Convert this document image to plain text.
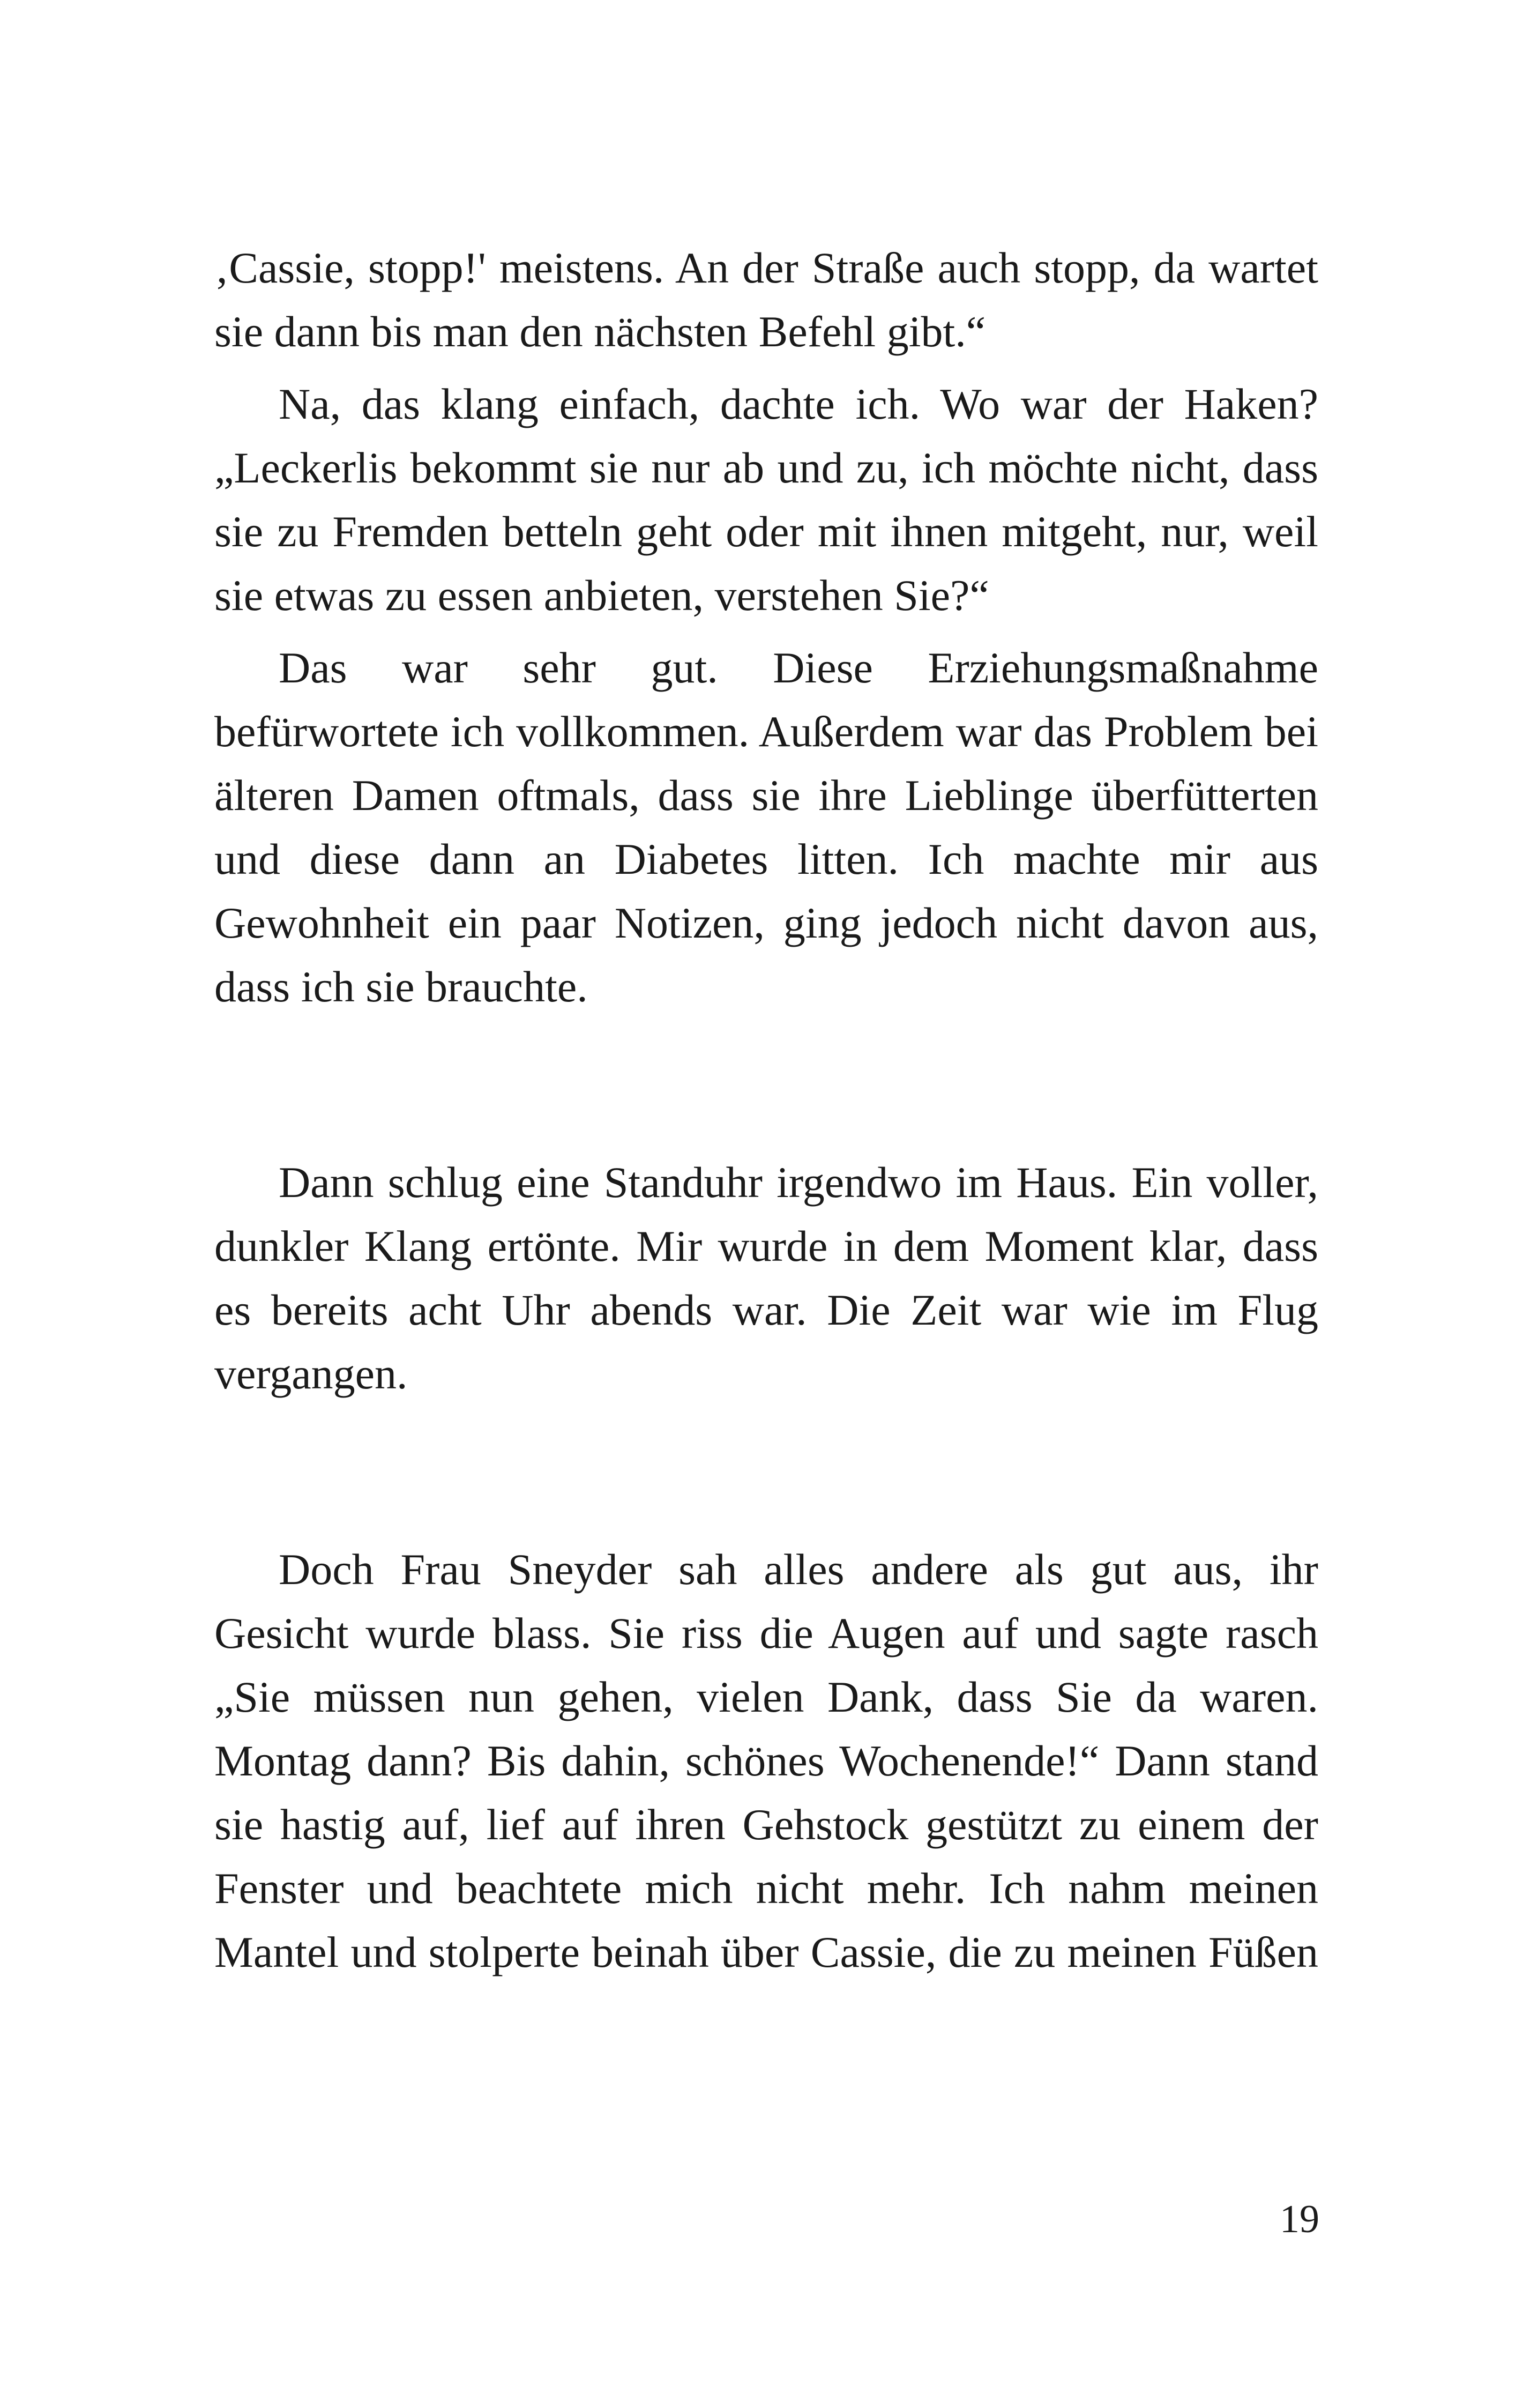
‚Cassie, stopp!' meistens. An der Straße auch stopp, da wartet sie dann bis man den nächsten Befehl gibt.“

Na, das klang einfach, dachte ich. Wo war der Haken? „Leckerlis bekommt sie nur ab und zu, ich möchte nicht, dass sie zu Fremden betteln geht oder mit ihnen mitgeht, nur, weil sie etwas zu essen anbieten, verstehen Sie?“

Das war sehr gut. Diese Erziehungsmaßnahme befürwortete ich vollkommen. Außerdem war das Problem bei älteren Damen oftmals, dass sie ihre Lieblinge überfütterten und diese dann an Diabetes litten. Ich machte mir aus Gewohnheit ein paar Notizen, ging jedoch nicht davon aus, dass ich sie brauchte.

Dann schlug eine Standuhr irgendwo im Haus. Ein voller, dunkler Klang ertönte. Mir wurde in dem Moment klar, dass es bereits acht Uhr abends war. Die Zeit war wie im Flug vergangen.

Doch Frau Sneyder sah alles andere als gut aus, ihr Gesicht wurde blass. Sie riss die Augen auf und sagte rasch „Sie müssen nun gehen, vielen Dank, dass Sie da waren. Montag dann? Bis dahin, schönes Wochenende!“ Dann stand sie hastig auf, lief auf ihren Gehstock gestützt zu einem der Fenster und beachtete mich nicht mehr. Ich nahm meinen Mantel und stolperte beinah über Cassie, die zu meinen Füßen

19
